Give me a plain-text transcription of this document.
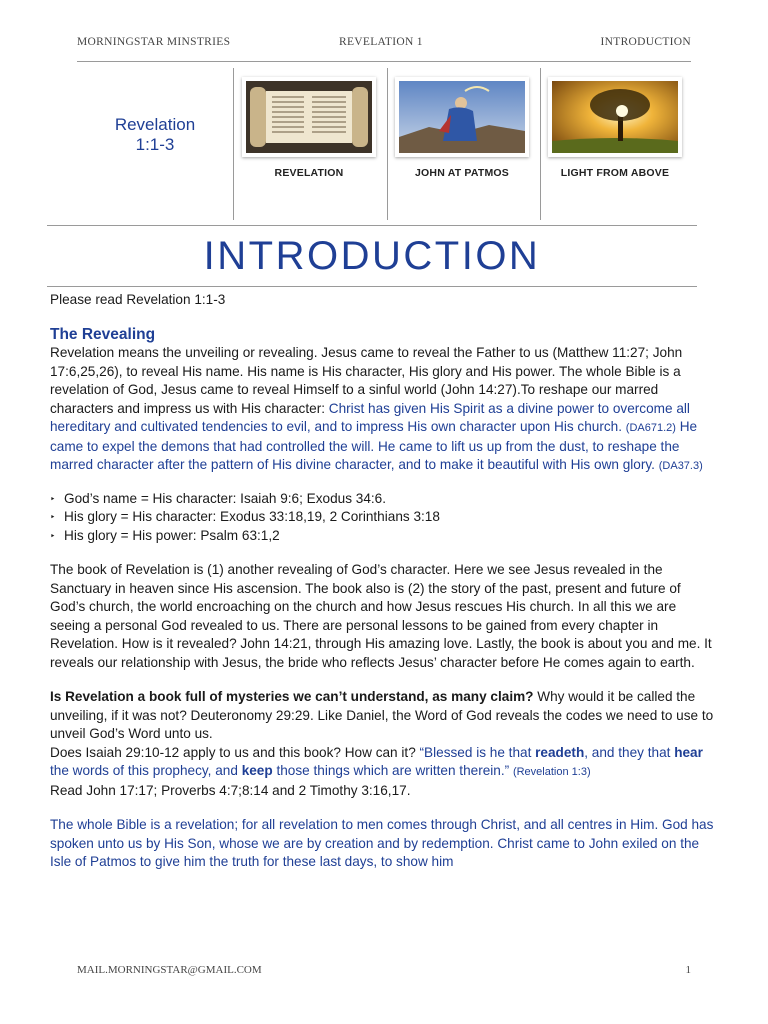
MORNINGSTAR MINSTRIES	REVELATION 1	INTRODUCTION
Revelation
1:1-3
REVELATION	JOHN AT PATMOS	LIGHT FROM ABOVE
INTRODUCTION

Please read Revelation 1:1-3

The Revealing

Revelation means the unveiling or revealing. Jesus came to reveal the Father to us (Matthew 11:27; John 17:6,25,26), to reveal His name. His name is His character, His glory and His power. The whole Bible is a revelation of God, Jesus came to reveal Himself to a sinful world (John 14:27).To reshape our marred characters and impress us with His character: Christ has given His Spirit as a divine power to overcome all hereditary and cultivated tendencies to evil, and to impress His own character upon His church. (DA671.2) He came to expel the demons that had controlled the will. He came to lift us up from the dust, to reshape the marred character after the pattern of His divine character, and to make it beautiful with His own glory. (DA37.3)

‣ God’s name = His character: Isaiah 9:6; Exodus 34:6.
‣ His glory = His character: Exodus 33:18,19, 2 Corinthians 3:18
‣ His glory = His power: Psalm 63:1,2

The book of Revelation is (1) another revealing of God’s character. Here we see Jesus revealed in the Sanctuary in heaven since His ascension. The book also is (2) the story of the past, present and future of God’s church, the world encroaching on the church and how Jesus rescues His church. In all this we are seeing a personal God revealed to us. There are personal lessons to be gained from every chapter in Revelation. How is it revealed? John 14:21, through His amazing love. Lastly, the book is about you and me. It reveals our relationship with Jesus, the bride who reflects Jesus’ character before He comes again to earth.

Is Revelation a book full of mysteries we can’t understand, as many claim? Why would it be called the unveiling, if it was not? Deuteronomy 29:29. Like Daniel, the Word of God reveals the codes we need to use to unveil God’s Word unto us.

Does Isaiah 29:10-12 apply to us and this book? How can it? “Blessed is he that readeth, and they that hear the words of this prophecy, and keep those things which are written therein.” (Revelation 1:3)

Read John 17:17; Proverbs 4:7;8:14 and 2 Timothy 3:16,17.

The whole Bible is a revelation; for all revelation to men comes through Christ, and all centres in Him. God has spoken unto us by His Son, whose we are by creation and by redemption. Christ came to John exiled on the Isle of Patmos to give him the truth for these last days, to show him

MAIL.MORNINGSTAR@GMAIL.COM	1
